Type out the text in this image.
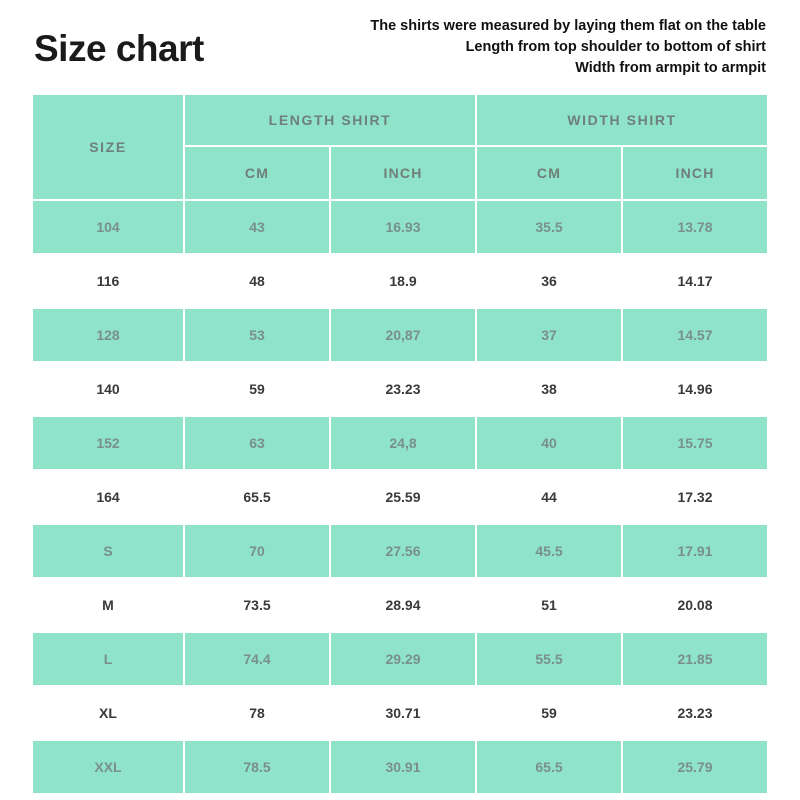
Size chart
The shirts were measured by laying them flat on the table
Length from top shoulder to bottom of shirt
Width from armpit to armpit
SIZE	LENGTH SHIRT		WIDTH SHIRT	
	CM	INCH	CM	INCH
104	43	16.93	35.5	13.78
116	48	18.9	36	14.17
128	53	20,87	37	14.57
140	59	23.23	38	14.96
152	63	24,8	40	15.75
164	65.5	25.59	44	17.32
S	70	27.56	45.5	17.91
M	73.5	28.94	51	20.08
L	74.4	29.29	55.5	21.85
XL	78	30.71	59	23.23
XXL	78.5	30.91	65.5	25.79
